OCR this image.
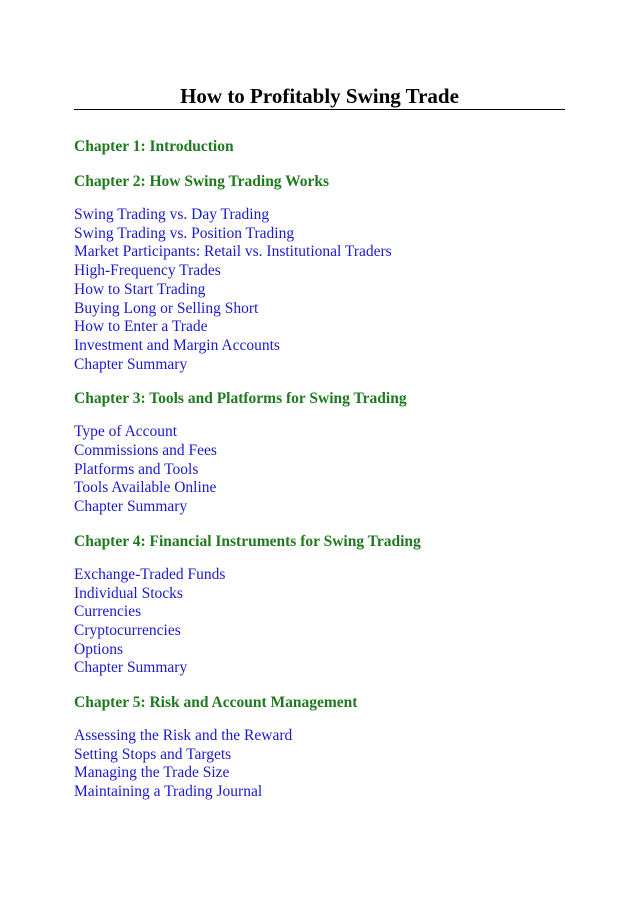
How to Profitably Swing Trade
Chapter 1: Introduction
Chapter 2: How Swing Trading Works
Swing Trading vs. Day Trading
Swing Trading vs. Position Trading
Market Participants: Retail vs. Institutional Traders
High-Frequency Trades
How to Start Trading
Buying Long or Selling Short
How to Enter a Trade
Investment and Margin Accounts
Chapter Summary
Chapter 3: Tools and Platforms for Swing Trading
Type of Account
Commissions and Fees
Platforms and Tools
Tools Available Online
Chapter Summary
Chapter 4: Financial Instruments for Swing Trading
Exchange-Traded Funds
Individual Stocks
Currencies
Cryptocurrencies
Options
Chapter Summary
Chapter 5: Risk and Account Management
Assessing the Risk and the Reward
Setting Stops and Targets
Managing the Trade Size
Maintaining a Trading Journal
